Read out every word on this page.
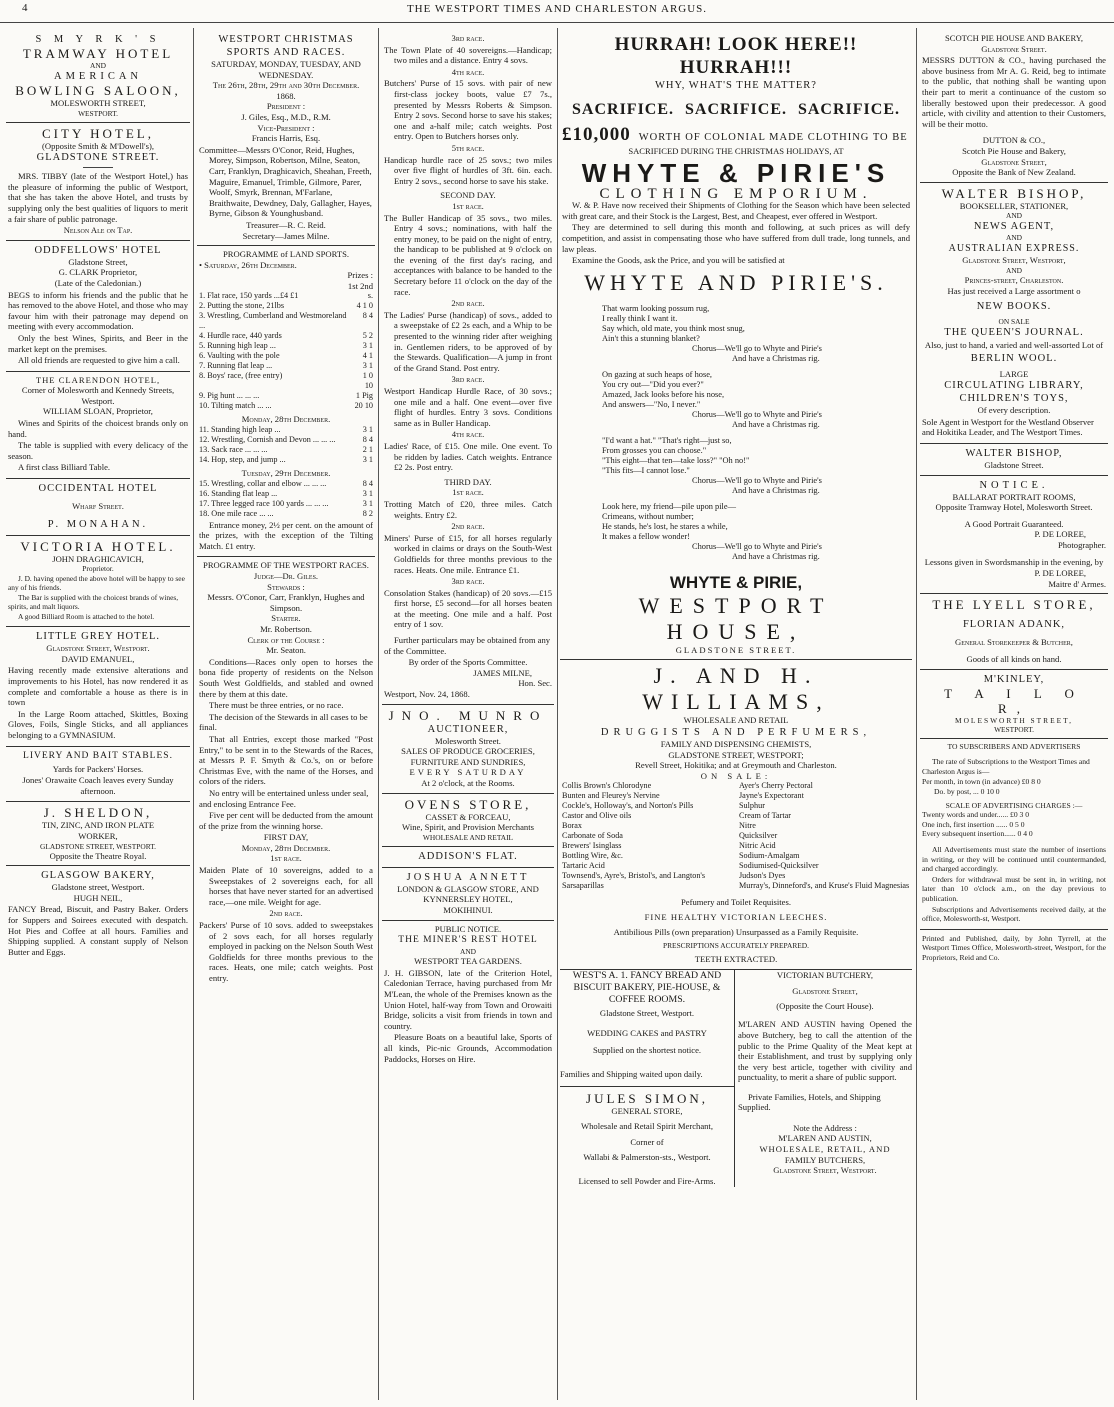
4	THE WESTPORT TIMES AND CHARLESTON ARGUS.
S M Y R K ' S
TRAMWAY HOTEL
AND
AMERICAN
BOWLING SALOON,
MOLESWORTH STREET,
WESTPORT.
CITY HOTEL,
(Opposite Smith & M'Dowell's),
GLADSTONE STREET.

MRS. TIBBY (late of the Westport Hotel,) has the pleasure of informing the public of Westport, that she has taken the above Hotel, and trusts by supplying only the best qualities of liquors to merit a fair share of public patronage.

Nelson Ale on Tap.
ODDFELLOWS' HOTEL
Gladstone Street,
G. CLARK Proprietor,
(Late of the Caledonian.)

BEGS to inform his friends and the public that he has removed to the above Hotel, and those who may favour him with their patronage may depend on meeting with every accommodation.

Only the best Wines, Spirits, and Beer in the market kept on the premises.

All old friends are requested to give him a call.

THE CLARENDON HOTEL,
Corner of Molesworth and Kennedy Streets, Westport.
WILLIAM SLOAN, Proprietor,

Wines and Spirits of the choicest brands only on hand.

The table is supplied with every delicacy of the season.

A first class Billiard Table.

OCCIDENTAL HOTEL
Wharf Street.
P. MONAHAN.
VICTORIA HOTEL.
JOHN DRAGHICAVICH,
Proprietor.

J. D. having opened the above hotel will be happy to see any of his friends.

The Bar is supplied with the choicest brands of wines, spirits, and malt liquors.

A good Billiard Room is attached to the hotel.

LITTLE GREY HOTEL.
Gladstone Street, Westport.
DAVID EMANUEL,

Having recently made extensive alterations and improvements to his Hotel, has now rendered it as complete and comfortable a house as there is in town

In the Large Room attached, Skittles, Boxing Gloves, Foils, Single Sticks, and all appliances belonging to a GYMNASIUM.

LIVERY AND BAIT STABLES.

Yards for Packers' Horses.

Jones' Orawaite Coach leaves every Sunday afternoon.

J. SHELDON,
TIN, ZINC, AND IRON PLATE
WORKER,
GLADSTONE STREET, WESTPORT.
Opposite the Theatre Royal.
GLASGOW BAKERY,
Gladstone street, Westport.
HUGH NEIL,

FANCY Bread, Biscuit, and Pastry Baker. Orders for Suppers and Soirees executed with despatch. Hot Pies and Coffee at all hours. Families and Shipping supplied. A constant supply of Nelson Butter and Eggs.

WESTPORT CHRISTMAS SPORTS AND RACES.
SATURDAY, MONDAY, TUESDAY, AND WEDNESDAY.
The 26th, 28th, 29th and 30th December.
1868.
President :
J. Giles, Esq., M.D., R.M.
Vice-President :
Francis Harris, Esq.

Committee—Messrs O'Conor, Reid, Hughes, Morey, Simpson, Robertson, Milne, Seaton, Carr, Franklyn, Draghicavich, Sheahan, Freeth, Maguire, Emanuel, Trimble, Gilmore, Parer, Woolf, Smyrk, Brennan, M'Farlane, Braithwaite, Dewdney, Daly, Gallagher, Hayes, Byrne, Gibson & Younghusband.

Treasurer—R. C. Reid.
Secretary—James Milne.
PROGRAMME of LAND SPORTS.
• Saturday, 26th December.
Prizes :
1st 2nd
1. Flat race, 150 yards ...£4 £1	s.
2. Putting the stone, 21lbs	4 1 0
3. Wrestling, Cumberland and Westmoreland ...	8 4
4. Hurdle race, 440 yards	5 2
5. Running high leap ...	3 1
6. Vaulting with the pole	4 1
7. Running flat leap ...	3 1
8. Boys' race, (free entry)	1 0 10
9. Pig hunt ... ... ...	1 Pig
10. Tilting match ... ...	20 10
Monday, 28th December.
11. Standing high leap ...	3 1
12. Wrestling, Cornish and Devon ... ... ...	8 4
13. Sack race ... ... ...	2 1
14. Hop, step, and jump ...	3 1
Tuesday, 29th December.
15. Wrestling, collar and elbow ... ... ...	8 4
16. Standing flat leap ...	3 1
17. Three legged race 100 yards ... ... ...	3 1
18. One mile race ... ...	8 2

Entrance money, 2½ per cent. on the amount of the prizes, with the exception of the Tilting Match. £1 entry.

PROGRAMME OF THE WESTPORT RACES.
Judge—Dr. Giles.
Stewards :
Messrs. O'Conor, Carr, Franklyn, Hughes and Simpson.
Starter.
Mr. Robertson.
Clerk of the Course :
Mr. Seaton.

Conditions—Races only open to horses the bona fide property of residents on the Nelson South West Goldfields, and stabled and owned there by them at this date.

There must be three entries, or no race.

The decision of the Stewards in all cases to be final.

That all Entries, except those marked "Post Entry," to be sent in to the Stewards of the Races, at Messrs P. F. Smyth & Co.'s, on or before Christmas Eve, with the name of the Horses, and colors of the riders.

No entry will be entertained unless under seal, and enclosing Entrance Fee.

Five per cent will be deducted from the amount of the prize from the winning horse.

FIRST DAY,
Monday, 28th December.
1st race.

Maiden Plate of 10 sovereigns, added to a Sweepstakes of 2 sovereigns each, for all horses that have never started for an advertised race,—one mile. Weight for age.

2nd race.

Packers' Purse of 10 sovs. added to sweepstakes of 2 sovs each, for all horses regularly employed in packing on the Nelson South West Goldfields for three months previous to the races. Heats, one mile; catch weights. Post entry.

3rd race.

The Town Plate of 40 sovereigns.—Handicap; two miles and a distance. Entry 4 sovs.

4th race.

Butchers' Purse of 15 sovs. with pair of new first-class jockey boots, value £7 7s., presented by Messrs Roberts & Simpson. Entry 2 sovs. Second horse to save his stakes; one and a-half mile; catch weights. Post entry. Open to Butchers horses only.

5th race.

Handicap hurdle race of 25 sovs.; two miles over five flight of hurdles of 3ft. 6in. each. Entry 2 sovs., second horse to save his stake.

SECOND DAY.
1st race.

The Buller Handicap of 35 sovs., two miles. Entry 4 sovs.; nominations, with half the entry money, to be paid on the night of entry, the handicap to be published at 9 o'clock on the evening of the first day's racing, and acceptances with balance to be handed to the Secretary before 11 o'clock on the day of the race.

2nd race.

The Ladies' Purse (handicap) of sovs., added to a sweepstake of £2 2s each, and a Whip to be presented to the winning rider after weighing in. Gentlemen riders, to be approved of by the Stewards. Qualification—A jump in front of the Grand Stand. Post entry.

3rd race.

Westport Handicap Hurdle Race, of 30 sovs.; one mile and a half. One event—over five flight of hurdles. Entry 3 sovs. Conditions same as in Buller Handicap.

4th race.

Ladies' Race, of £15. One mile. One event. To be ridden by ladies. Catch weights. Entrance £2 2s. Post entry.

THIRD DAY.
1st race.

Trotting Match of £20, three miles. Catch weights. Entry £2.

2nd race.

Miners' Purse of £15, for all horses regularly worked in claims or drays on the South-West Goldfields for three months previous to the races. Heats. One mile. Entrance £1.

3rd race.

Consolation Stakes (handicap) of 20 sovs.—£15 first horse, £5 second—for all horses beaten at the meeting. One mile and a half. Post entry of 1 sov.

Further particulars may be obtained from any of the Committee.

By order of the Sports Committee.
JAMES MILNE,
Hon. Sec.
Westport, Nov. 24, 1868.
JNO. MUNRO
AUCTIONEER,
Molesworth Street.
SALES OF PRODUCE GROCERIES, FURNITURE AND SUNDRIES,
EVERY SATURDAY
At 2 o'clock, at the Rooms.
OVENS STORE,
CASSET & FORCEAU,
Wine, Spirit, and Provision Merchants
WHOLESALE AND RETAIL
ADDISON'S FLAT.
JOSHUA ANNETT
LONDON & GLASGOW STORE, AND
KYNNERSLEY HOTEL,
MOKIHINUI.
PUBLIC NOTICE.
THE MINER'S REST HOTEL
AND
WESTPORT TEA GARDENS.

J. H. GIBSON, late of the Criterion Hotel, Caledonian Terrace, having purchased from Mr M'Lean, the whole of the Premises known as the Union Hotel, half-way from Town and Orowaiti Bridge, solicits a visit from friends in town and country.

Pleasure Boats on a beautiful lake, Sports of all kinds, Pic-nic Grounds, Accommodation Paddocks, Horses on Hire.

HURRAH! LOOK HERE!! HURRAH!!!
WHY, WHAT'S THE MATTER?
SACRIFICE. SACRIFICE. SACRIFICE.
£10,000 WORTH OF COLONIAL MADE CLOTHING TO BE
SACRIFICED DURING THE CHRISTMAS HOLIDAYS, AT
WHYTE & PIRIE'S
CLOTHING EMPORIUM.

W. & P. Have now received their Shipments of Clothing for the Season which have been selected with great care, and their Stock is the Largest, Best, and Cheapest, ever offered in Westport.

They are determined to sell during this month and following, at such prices as will defy competition, and assist in compensating those who have suffered from dull trade, long tunnels, and law pleas.

Examine the Goods, ask the Price, and you will be satisfied at

WHYTE AND PIRIE'S.
That warm looking possum rug,
I really think I want it.
Say which, old mate, you think most snug,
Ain't this a stunning blanket?
Chorus—We'll go to Whyte and Pirie's
And have a Christmas rig.
On gazing at such heaps of hose,
You cry out—"Did you ever?"
Amazed, Jack looks before his nose,
And answers—"No, I never."
Chorus—We'll go to Whyte and Pirie's
And have a Christmas rig.
"I'd want a hat." "That's right—just so,
From grosses you can choose."
"This eight—that ten—take loss?" "Oh no!"
"This fits—I cannot lose."
Chorus—We'll go to Whyte and Pirie's
And have a Christmas rig.
Look here, my friend—pile upon pile—
Crimeans, without number;
He stands, he's lost, he stares a while,
It makes a fellow wonder!
Chorus—We'll go to Whyte and Pirie's
And have a Christmas rig.
WHYTE & PIRIE,
WESTPORT HOUSE,
GLADSTONE STREET.
J. AND H. WILLIAMS,
WHOLESALE AND RETAIL
DRUGGISTS AND PERFUMERS,
FAMILY AND DISPENSING CHEMISTS,
GLADSTONE STREET, WESTPORT;
Revell Street, Hokitika; and at Greymouth and Charleston.
ON SALE:
Collis Brown's Chlorodyne
Bunten and Fleurey's Nervine
Cockle's, Holloway's, and Norton's Pills
Castor and Olive oils
Borax
Carbonate of Soda
Brewers' Isinglass
Bottling Wire, &c.
Tartaric Acid
Townsend's, Ayre's, Bristol's, and Langton's Sarsaparillas
Ayer's Cherry Pectoral
Jayne's Expectorant
Sulphur
Cream of Tartar
Nitre
Quicksilver
Nitric Acid
Sodium-Amalgam
Sodiumised-Quicksilver
Judson's Dyes
Murray's, Dinneford's, and Kruse's Fluid Magnesias
Pefumery and Toilet Requisites.
FINE HEALTHY VICTORIAN LEECHES.
Antibilious Pills (own preparation) Unsurpassed as a Family Requisite.
PRESCRIPTIONS ACCURATELY PREPARED.
TEETH EXTRACTED.
WEST'S A. 1. FANCY BREAD AND BISCUIT BAKERY, PIE-HOUSE, & COFFEE ROOMS.
Gladstone Street, Westport.
WEDDING CAKES and PASTRY
Supplied on the shortest notice.
Families and Shipping waited upon daily.
JULES SIMON,
GENERAL STORE,
Wholesale and Retail Spirit Merchant,
Corner of
Wallabi & Palmerston-sts., Westport.
Licensed to sell Powder and Fire-Arms.
VICTORIAN BUTCHERY,
Gladstone Street,
(Opposite the Court House).

M'LAREN AND AUSTIN having Opened the above Butchery, beg to call the attention of the public to the Prime Quality of the Meat kept at their Establishment, and trust by supplying only the very best article, together with civility and punctuality, to merit a share of public support.

Private Families, Hotels, and Shipping Supplied.

Note the Address :
M'LAREN AND AUSTIN,
WHOLESALE, RETAIL, AND
FAMILY BUTCHERS,
Gladstone Street, Westport.
SCOTCH PIE HOUSE AND BAKERY,
Gladstone Street.

MESSRS DUTTON & CO., having purchased the above business from Mr A. G. Reid, beg to intimate to the public, that nothing shall be wanting upon their part to merit a continuance of the custom so liberally bestowed upon their predecessor. A good article, with civility and attention to their Customers, will be their motto.

DUTTON & CO.,
Scotch Pie House and Bakery,
Gladstone Street,
Opposite the Bank of New Zealand.
WALTER BISHOP,
BOOKSELLER, STATIONER,
AND
NEWS AGENT,
AND
AUSTRALIAN EXPRESS.
Gladstone Street, Westport,
AND
Princes-street, Charleston.
Has just received a Large assortment o
NEW BOOKS.
ON SALE
THE QUEEN'S JOURNAL.

Also, just to hand, a varied and well-assorted Lot of

BERLIN WOOL.
LARGE
CIRCULATING LIBRARY,
CHILDREN'S TOYS,
Of every description.

Sole Agent in Westport for the Westland Observer and Hokitika Leader, and The Westport Times.

WALTER BISHOP,
Gladstone Street.
NOTICE.
BALLARAT PORTRAIT ROOMS,
Opposite Tramway Hotel, Molesworth Street.
A Good Portrait Guaranteed.
P. DE LOREE,
Photographer.

Lessons given in Swordsmanship in the evening, by

P. DE LOREE,
Maitre d' Armes.
THE LYELL STORE,
FLORIAN ADANK,
General Storekeeper & Butcher,
Goods of all kinds on hand.
M'KINLEY,
T A I L O R,
MOLESWORTH STREET,
WESTPORT.
TO SUBSCRIBERS AND ADVERTISERS

The rate of Subscriptions to the Westport Times and Charleston Argus is—

Per month, in town (in advance) £0 8 0
Do. by post, ... 0 10 0
SCALE OF ADVERTISING CHARGES :—
Twenty words and under...... £0 3 0
One inch, first insertion ...... 0 5 0
Every subsequent insertion...... 0 4 0

All Advertisements must state the number of insertions in writing, or they will be continued until countermanded, and charged accordingly.

Orders for withdrawal must be sent in, in writing, not later than 10 o'clock a.m., on the day previous to publication.

Subscriptions and Advertisements received daily, at the office, Molesworth-st, Westport.

Printed and Published, daily, by John Tyrrell, at the Westport Times Office, Molesworth-street, Westport, for the Proprietors, Reid and Co.
